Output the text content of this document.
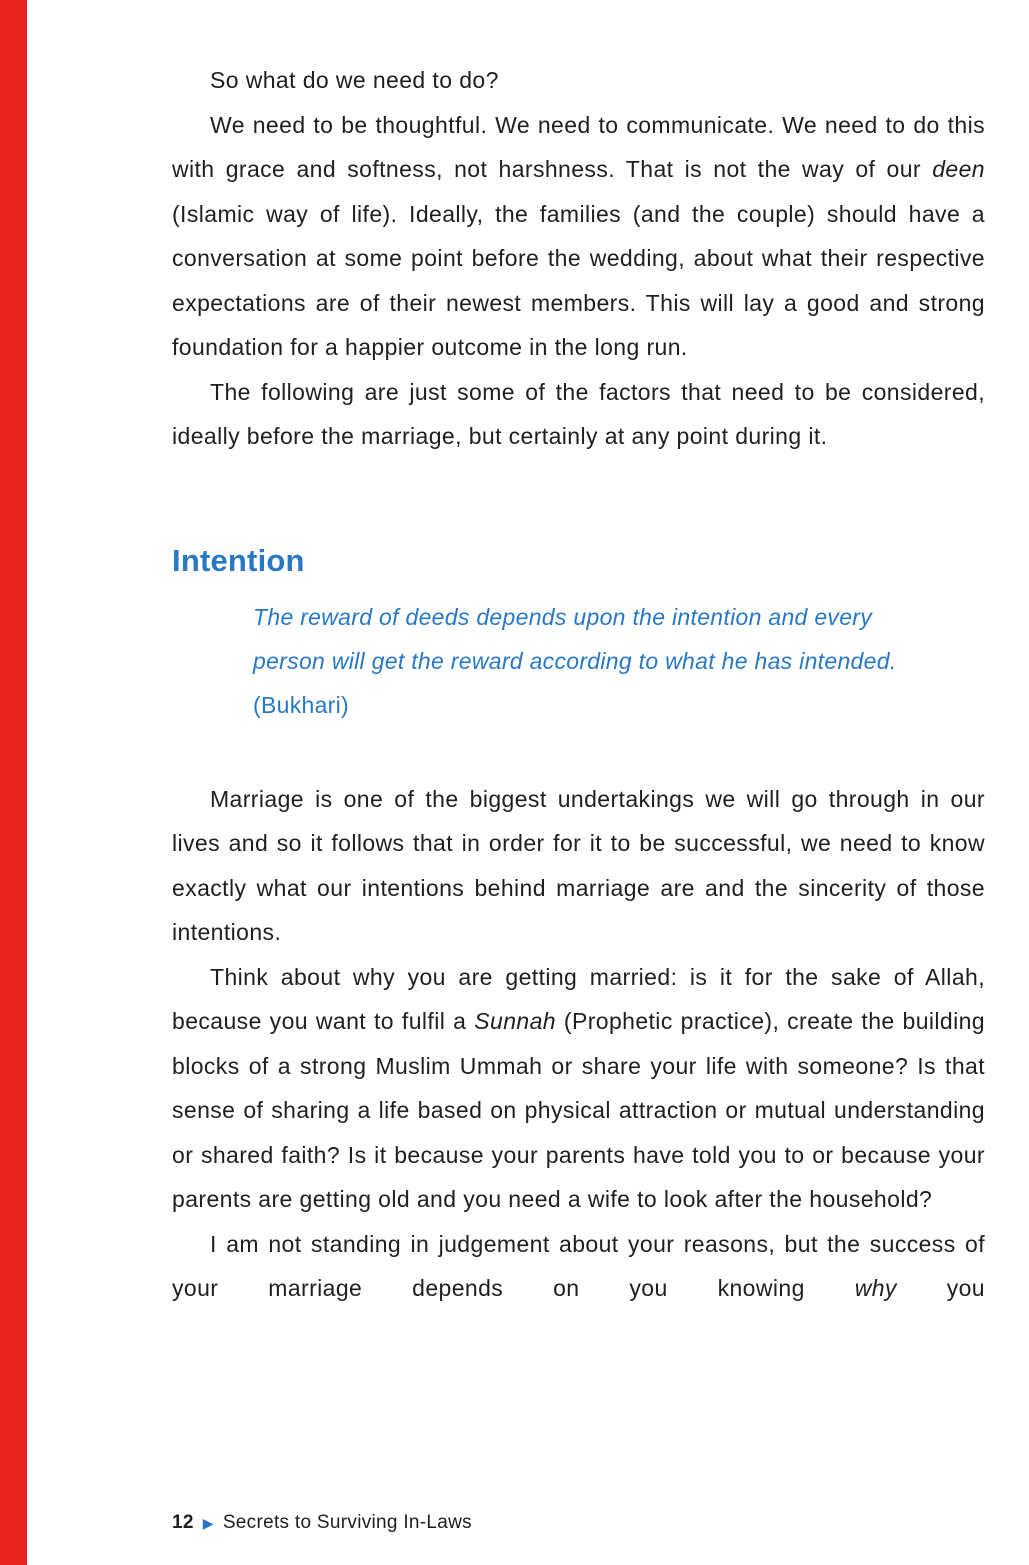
So what do we need to do?

We need to be thoughtful. We need to communicate. We need to do this with grace and softness, not harshness. That is not the way of our deen (Islamic way of life). Ideally, the families (and the couple) should have a conversation at some point before the wedding, about what their respective expectations are of their newest members. This will lay a good and strong foundation for a happier outcome in the long run.

The following are just some of the factors that need to be considered, ideally before the marriage, but certainly at any point during it.

Intention

The reward of deeds depends upon the intention and every person will get the reward according to what he has intended. (Bukhari)

Marriage is one of the biggest undertakings we will go through in our lives and so it follows that in order for it to be successful, we need to know exactly what our intentions behind marriage are and the sincerity of those intentions.

Think about why you are getting married: is it for the sake of Allah, because you want to fulfil a Sunnah (Prophetic practice), create the building blocks of a strong Muslim Ummah or share your life with someone? Is that sense of sharing a life based on physical attraction or mutual understanding or shared faith? Is it because your parents have told you to or because your parents are getting old and you need a wife to look after the household?

I am not standing in judgement about your reasons, but the success of your marriage depends on you knowing why you

12 ▶ Secrets to Surviving In-Laws
